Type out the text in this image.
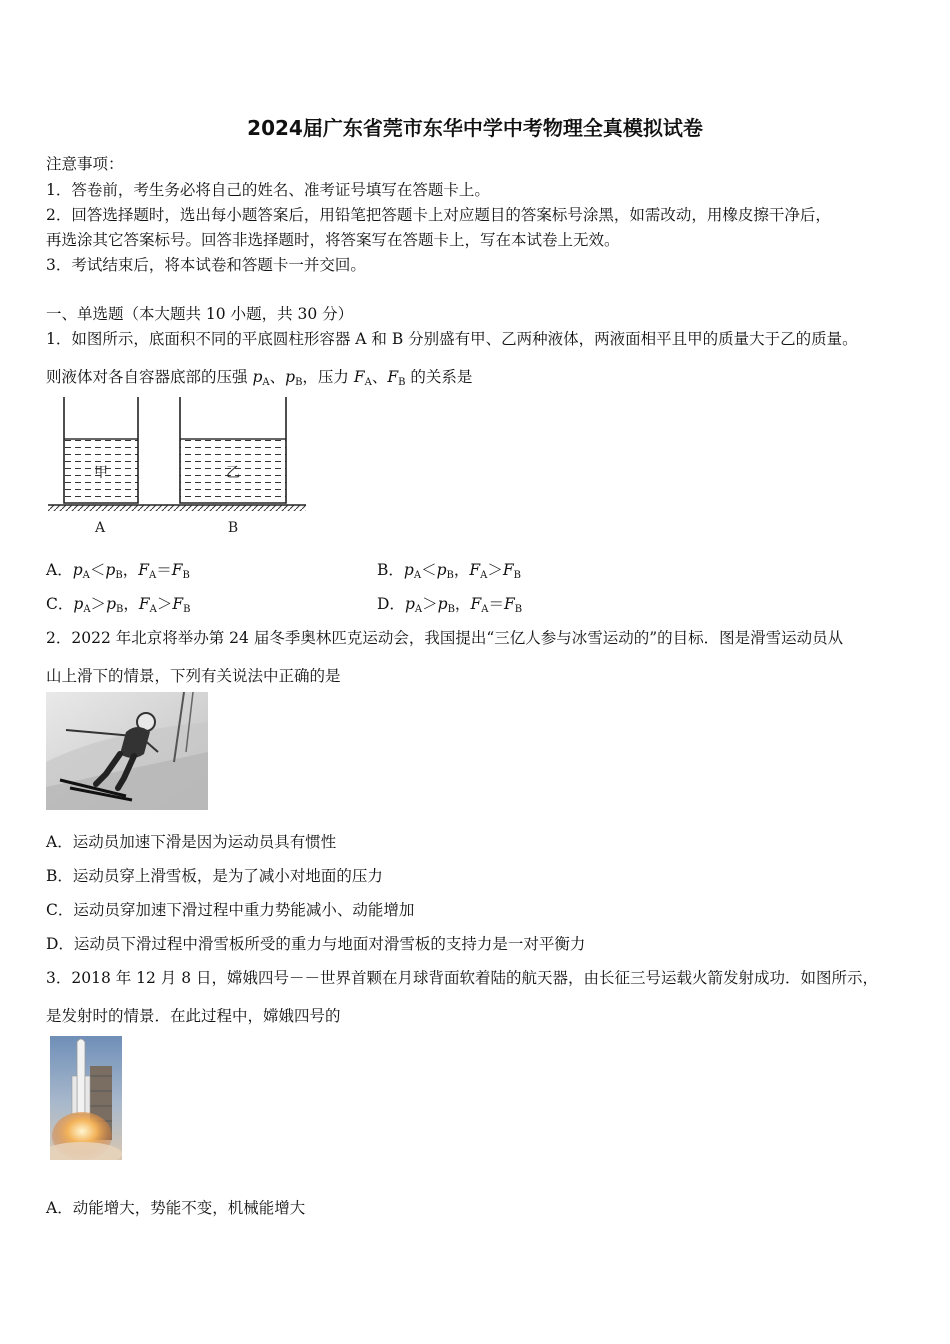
2024届广东省莞市东华中学中考物理全真模拟试卷
注意事项：
1．答卷前，考生务必将自己的姓名、准考证号填写在答题卡上。
2．回答选择题时，选出每小题答案后，用铅笔把答题卡上对应题目的答案标号涂黑，如需改动，用橡皮擦干净后，
再选涂其它答案标号。回答非选择题时，将答案写在答题卡上，写在本试卷上无效。
3．考试结束后，将本试卷和答题卡一并交回。
一、单选题（本大题共 10 小题，共 30 分）
1．如图所示，底面积不同的平底圆柱形容器 A 和 B 分别盛有甲、乙两种液体，两液面相平且甲的质量大于乙的质量。
则液体对各自容器底部的压强 $p_A$、$p_B$，压力 $F_A$、$F_B$ 的关系是
甲	乙
A	B
A．$p_A<p_B$，$F_A=F_B$	B．$p_A<p_B$，$F_A>F_B$
C．$p_A>p_B$，$F_A>F_B$	D．$p_A>p_B$，$F_A=F_B$
2．2022 年北京将举办第 24 届冬季奥林匹克运动会，我国提出“三亿人参与冰雪运动的”的目标．图是滑雪运动员从
山上滑下的情景，下列有关说法中正确的是
A．运动员加速下滑是因为运动员具有惯性
B．运动员穿上滑雪板，是为了减小对地面的压力
C．运动员穿加速下滑过程中重力势能减小、动能增加
D．运动员下滑过程中滑雪板所受的重力与地面对滑雪板的支持力是一对平衡力
3．2018 年 12 月 8 日，嫦娥四号－－世界首颗在月球背面软着陆的航天器，由长征三号运载火箭发射成功．如图所示，
是发射时的情景．在此过程中，嫦娥四号的
A．动能增大，势能不变，机械能增大
